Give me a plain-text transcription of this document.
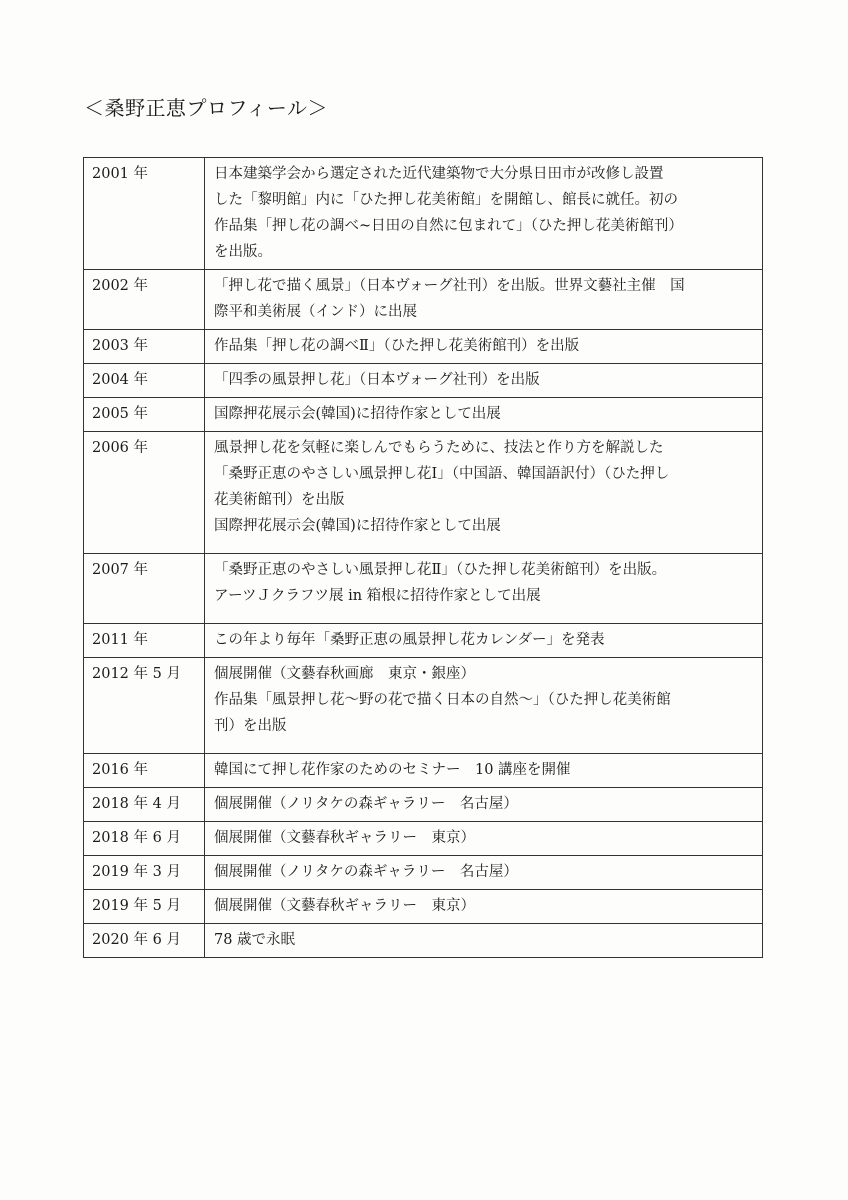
＜桑野正恵プロフィール＞
2001 年	日本建築学会から選定された近代建築物で大分県日田市が改修し設置
した「黎明館」内に「ひた押し花美術館」を開館し、館長に就任。初の
作品集「押し花の調べ~日田の自然に包まれて」（ひた押し花美術館刊）
を出版。

2002 年	「押し花で描く風景」（日本ヴォーグ社刊）を出版。世界文藝社主催　国
際平和美術展（インド）に出展

2003 年	作品集「押し花の調べⅡ」（ひた押し花美術館刊）を出版

2004 年	「四季の風景押し花」（日本ヴォーグ社刊）を出版

2005 年	国際押花展示会(韓国)に招待作家として出展

2006 年	風景押し花を気軽に楽しんでもらうために、技法と作り方を解説した
「桑野正恵のやさしい風景押し花Ⅰ」（中国語、韓国語訳付）（ひた押し
花美術館刊）を出版
国際押花展示会(韓国)に招待作家として出展

2007 年	「桑野正恵のやさしい風景押し花Ⅱ」（ひた押し花美術館刊）を出版。
アーツＪクラフツ展 in 箱根に招待作家として出展

2011 年	この年より毎年「桑野正恵の風景押し花カレンダー」を発表

2012 年 5 月	個展開催（文藝春秋画廊　東京・銀座）
作品集「風景押し花～野の花で描く日本の自然～」（ひた押し花美術館
刊）を出版

2016 年	韓国にて押し花作家のためのセミナー　10 講座を開催

2018 年 4 月	個展開催（ノリタケの森ギャラリー　名古屋）

2018 年 6 月	個展開催（文藝春秋ギャラリー　東京）

2019 年 3 月	個展開催（ノリタケの森ギャラリー　名古屋）

2019 年 5 月	個展開催（文藝春秋ギャラリー　東京）

2020 年 6 月	78 歳で永眠
